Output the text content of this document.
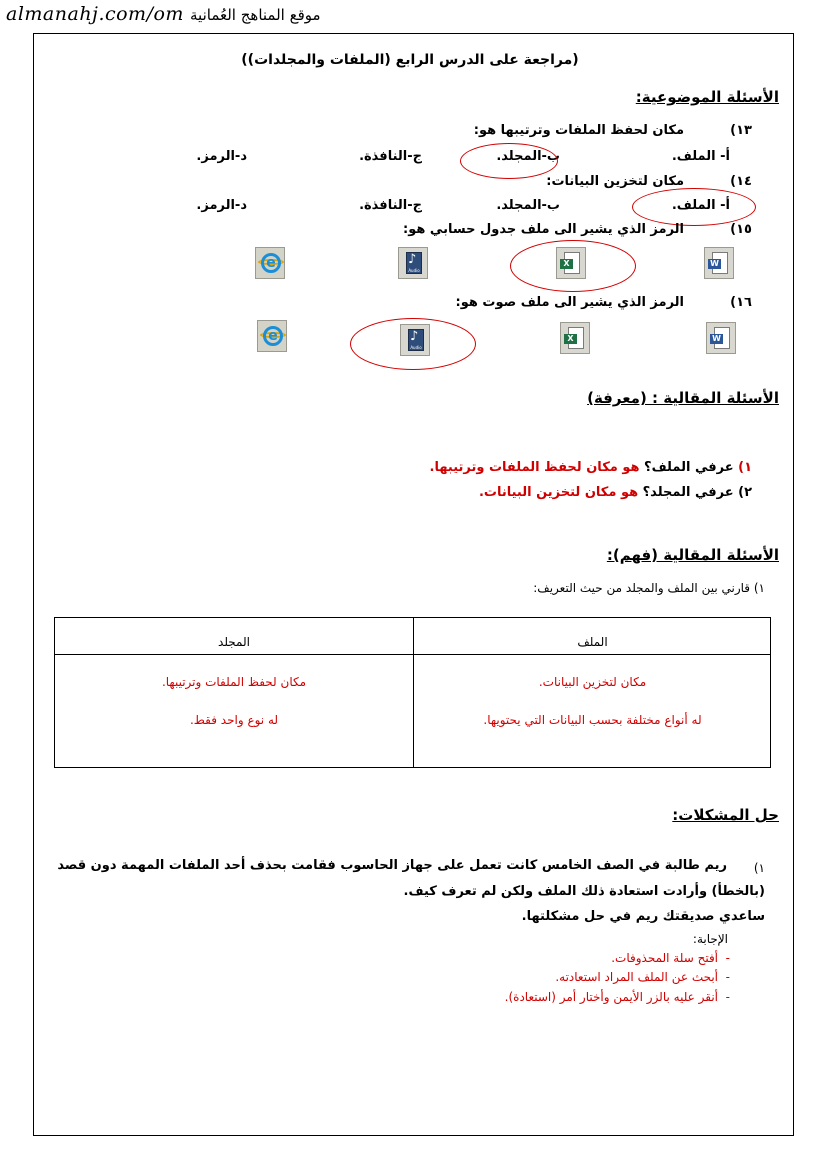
almanahj.com/om موقع المناهج العُمانية
(مراجعة على الدرس الرابع (الملفات والمجلدات))
الأسئلة الموضوعية:
١٣)
مكان لحفظ الملفات وترتيبها هو:
أ- الملف.
ب-المجلد.
ج-النافذة.
د-الرمز.
١٤)
مكان لتخزين البيانات:
أ- الملف.
ب-المجلد.
ج-النافذة.
د-الرمز.
١٥)
الرمز الذي يشير الى ملف جدول حسابي هو:
W
X
♪
Audio
e
١٦)
الرمز الذي يشير الى ملف صوت هو:
W
X
♪
Audio
e
الأسئلة المقالية : (معرفة)
١) عرفي الملف؟ هو مكان لحفظ الملفات وترتيبها.
٢) عرفي المجلد؟ هو مكان لتخزين البيانات.
الأسئلة المقالية (فهم):
١) قارني بين الملف والمجلد من حيث التعريف:
الملف
المجلد
مكان لتخزين البيانات.
له أنواع مختلفة بحسب البيانات التي يحتويها.
مكان لحفظ الملفات وترتيبها.
له نوع واحد فقط.
حل المشكلات:
١)
ريم طالبة في الصف الخامس كانت تعمل على جهاز الحاسوب فقامت بحذف أحد الملفات المهمة دون قصد
(بالخطأ) وأرادت استعادة ذلك الملف ولكن لم تعرف كيف.
ساعدي صديقتك ريم في حل مشكلتها.
الإجابة:
-  أفتح سلة المحذوفات.
-  أبحث عن الملف المراد استعادته.
-  أنقر عليه بالزر الأيمن وأختار أمر (استعادة).
